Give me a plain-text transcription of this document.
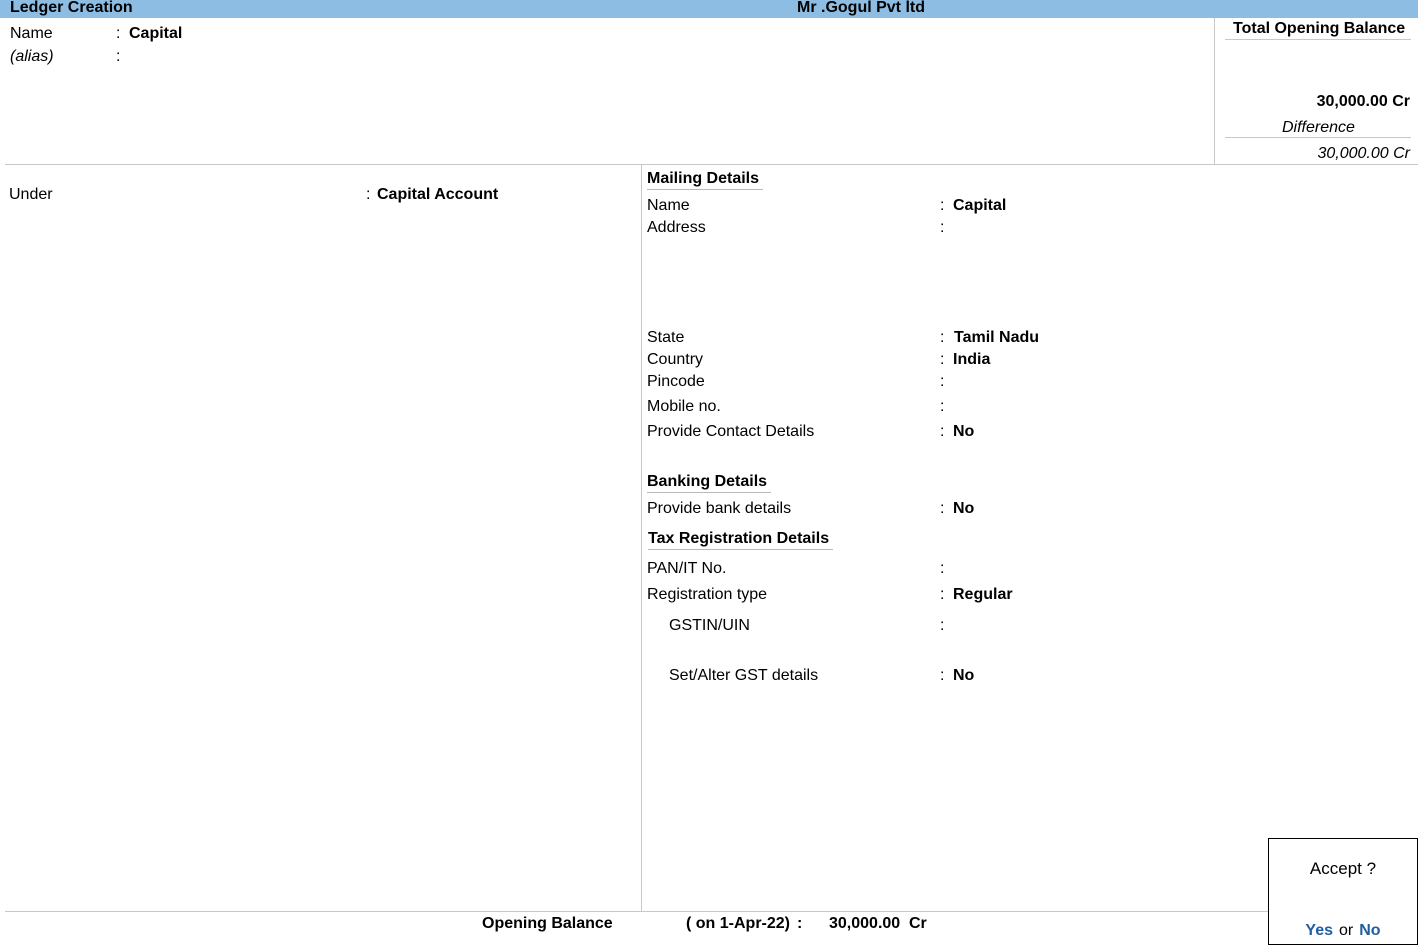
Ledger Creation	Mr .Gogul Pvt ltd
Name	: Capital
(alias)	:
Total Opening Balance
30,000.00 Cr
Difference
30,000.00 Cr
Under	: Capital Account
Mailing Details
Name	: Capital
Address	:
State	: Tamil Nadu
Country	: India
Pincode	:
Mobile no.	:
Provide Contact Details	: No
Banking Details
Provide bank details	: No
Tax Registration Details
PAN/IT No.	:
Registration type	: Regular
GSTIN/UIN	:
Set/Alter GST details	: No
Opening Balance	( on 1-Apr-22) : 30,000.00 Cr
Accept ?
Yes or No
